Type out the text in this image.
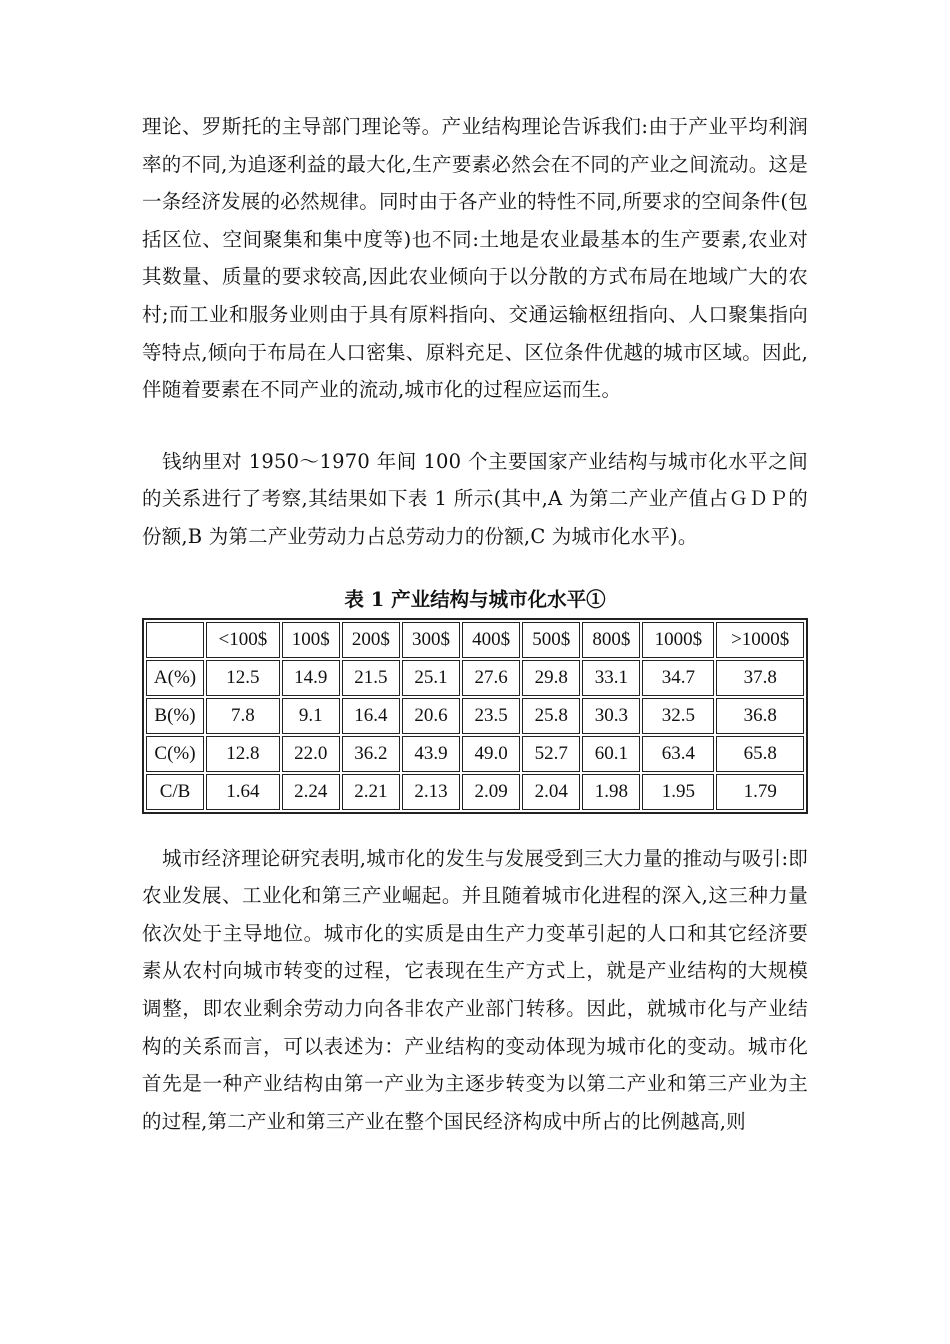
理论、罗斯托的主导部门理论等。产业结构理论告诉我们:由于产业平均利润率的不同,为追逐利益的最大化,生产要素必然会在不同的产业之间流动。这是一条经济发展的必然规律。同时由于各产业的特性不同,所要求的空间条件(包括区位、空间聚集和集中度等)也不同:土地是农业最基本的生产要素,农业对其数量、质量的要求较高,因此农业倾向于以分散的方式布局在地域广大的农村;而工业和服务业则由于具有原料指向、交通运输枢纽指向、人口聚集指向等特点,倾向于布局在人口密集、原料充足、区位条件优越的城市区域。因此,伴随着要素在不同产业的流动,城市化的过程应运而生。

钱纳里对 1950～1970 年间 100 个主要国家产业结构与城市化水平之间的关系进行了考察,其结果如下表 1 所示(其中,A 为第二产业产值占ＧＤＰ的份额,B 为第二产业劳动力占总劳动力的份额,C 为城市化水平)。

表 1 产业结构与城市化水平①
	<100$	100$	200$	300$	400$	500$	800$	1000$	>1000$
A(%)	12.5	14.9	21.5	25.1	27.6	29.8	33.1	34.7	37.8
B(%)	7.8	9.1	16.4	20.6	23.5	25.8	30.3	32.5	36.8
C(%)	12.8	22.0	36.2	43.9	49.0	52.7	60.1	63.4	65.8
C/B	1.64	2.24	2.21	2.13	2.09	2.04	1.98	1.95	1.79

城市经济理论研究表明,城市化的发生与发展受到三大力量的推动与吸引:即农业发展、工业化和第三产业崛起。并且随着城市化进程的深入,这三种力量依次处于主导地位。城市化的实质是由生产力变革引起的人口和其它经济要素从农村向城市转变的过程，它表现在生产方式上，就是产业结构的大规模调整，即农业剩余劳动力向各非农产业部门转移。因此，就城市化与产业结构的关系而言，可以表述为：产业结构的变动体现为城市化的变动。城市化首先是一种产业结构由第一产业为主逐步转变为以第二产业和第三产业为主的过程,第二产业和第三产业在整个国民经济构成中所占的比例越高,则
